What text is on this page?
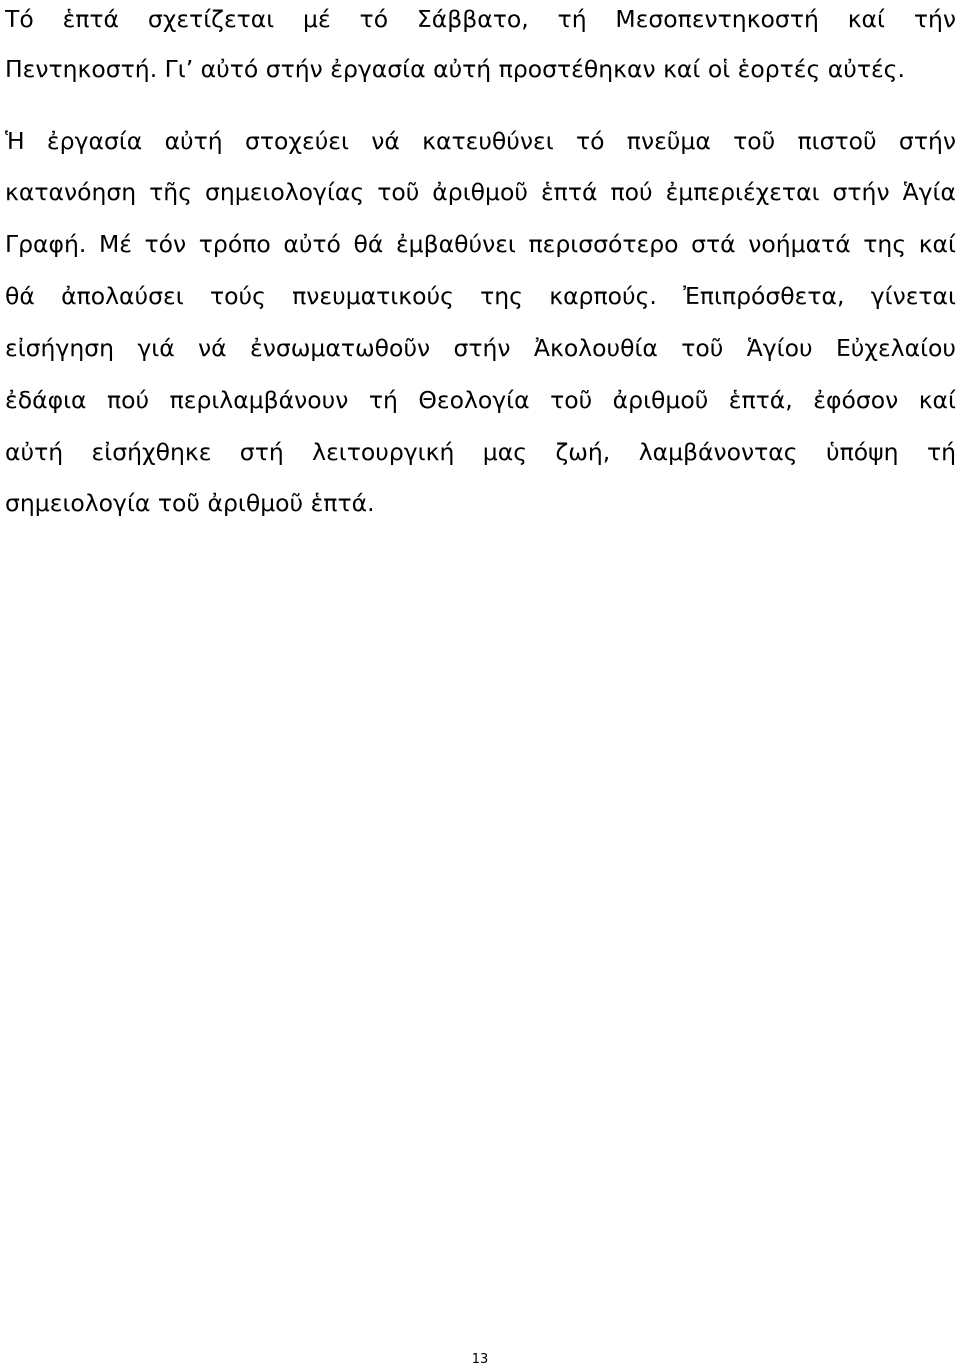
Τό ἑπτά σχετίζεται μέ τό Σάββατο, τή Μεσοπεντηκοστή καί τήν
Πεντηκοστή. Γι’ αὐτό στήν ἐργασία αὐτή προστέθηκαν καί οἱ ἑορτές αὐτές.
Ἡ ἐργασία αὐτή στοχεύει νά κατευθύνει τό πνεῦμα τοῦ πιστοῦ στήν
κατανόηση τῆς σημειολογίας τοῦ ἀριθμοῦ ἑπτά πού ἐμπεριέχεται στήν Ἁγία
Γραφή. Μέ τόν τρόπο αὐτό θά ἐμβαθύνει περισσότερο στά νοήματά της καί
θά ἀπολαύσει τούς πνευματικούς της καρπούς. Ἐπιπρόσθετα, γίνεται
εἰσήγηση γιά νά ἐνσωματωθοῦν στήν Ἀκολουθία τοῦ Ἁγίου Εὐχελαίου
ἐδάφια πού περιλαμβάνουν τή Θεολογία τοῦ ἀριθμοῦ ἑπτά, ἐφόσον καί
αὐτή εἰσήχθηκε στή λειτουργική μας ζωή, λαμβάνοντας ὑπόψη τή
σημειολογία τοῦ ἀριθμοῦ ἑπτά.
13
